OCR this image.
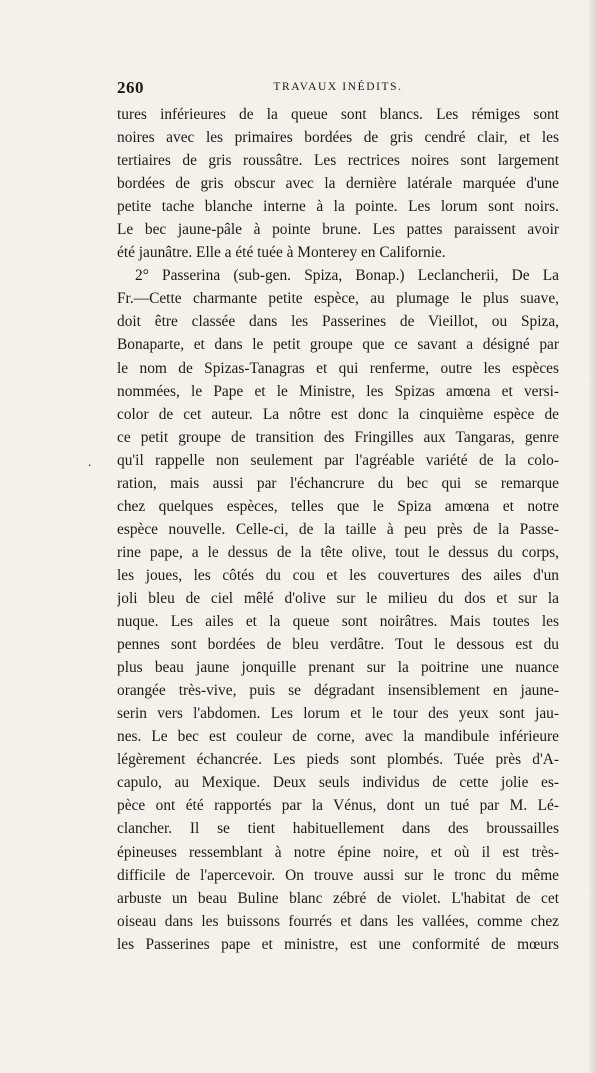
260	TRAVAUX INÉDITS.
.
tures inférieures de la queue sont blancs. Les rémiges sont
noires avec les primaires bordées de gris cendré clair, et les
tertiaires de gris roussâtre. Les rectrices noires sont largement
bordées de gris obscur avec la dernière latérale marquée d'une
petite tache blanche interne à la pointe. Les lorum sont noirs.
Le bec jaune-pâle à pointe brune. Les pattes paraissent avoir
été jaunâtre. Elle a été tuée à Monterey en Californie.
2° Passerina (sub-gen. Spiza, Bonap.) Leclancherii, De La
Fr.—Cette charmante petite espèce, au plumage le plus suave,
doit être classée dans les Passerines de Vieillot, ou Spiza,
Bonaparte, et dans le petit groupe que ce savant a désigné par
le nom de Spizas-Tanagras et qui renferme, outre les espèces
nommées, le Pape et le Ministre, les Spizas amœna et versi-
color de cet auteur. La nôtre est donc la cinquième espèce de
ce petit groupe de transition des Fringilles aux Tangaras, genre
qu'il rappelle non seulement par l'agréable variété de la colo-
ration, mais aussi par l'échancrure du bec qui se remarque
chez quelques espèces, telles que le Spiza amœna et notre
espèce nouvelle. Celle-ci, de la taille à peu près de la Passe-
rine pape, a le dessus de la tête olive, tout le dessus du corps,
les joues, les côtés du cou et les couvertures des ailes d'un
joli bleu de ciel mêlé d'olive sur le milieu du dos et sur la
nuque. Les ailes et la queue sont noirâtres. Mais toutes les
pennes sont bordées de bleu verdâtre. Tout le dessous est du
plus beau jaune jonquille prenant sur la poitrine une nuance
orangée très-vive, puis se dégradant insensiblement en jaune-
serin vers l'abdomen. Les lorum et le tour des yeux sont jau-
nes. Le bec est couleur de corne, avec la mandibule inférieure
légèrement échancrée. Les pieds sont plombés. Tuée près d'A-
capulo, au Mexique. Deux seuls individus de cette jolie es-
pèce ont été rapportés par la Vénus, dont un tué par M. Lé-
clancher. Il se tient habituellement dans des broussailles
épineuses ressemblant à notre épine noire, et où il est très-
difficile de l'apercevoir. On trouve aussi sur le tronc du même
arbuste un beau Buline blanc zébré de violet. L'habitat de cet
oiseau dans les buissons fourrés et dans les vallées, comme chez
les Passerines pape et ministre, est une conformité de mœurs
